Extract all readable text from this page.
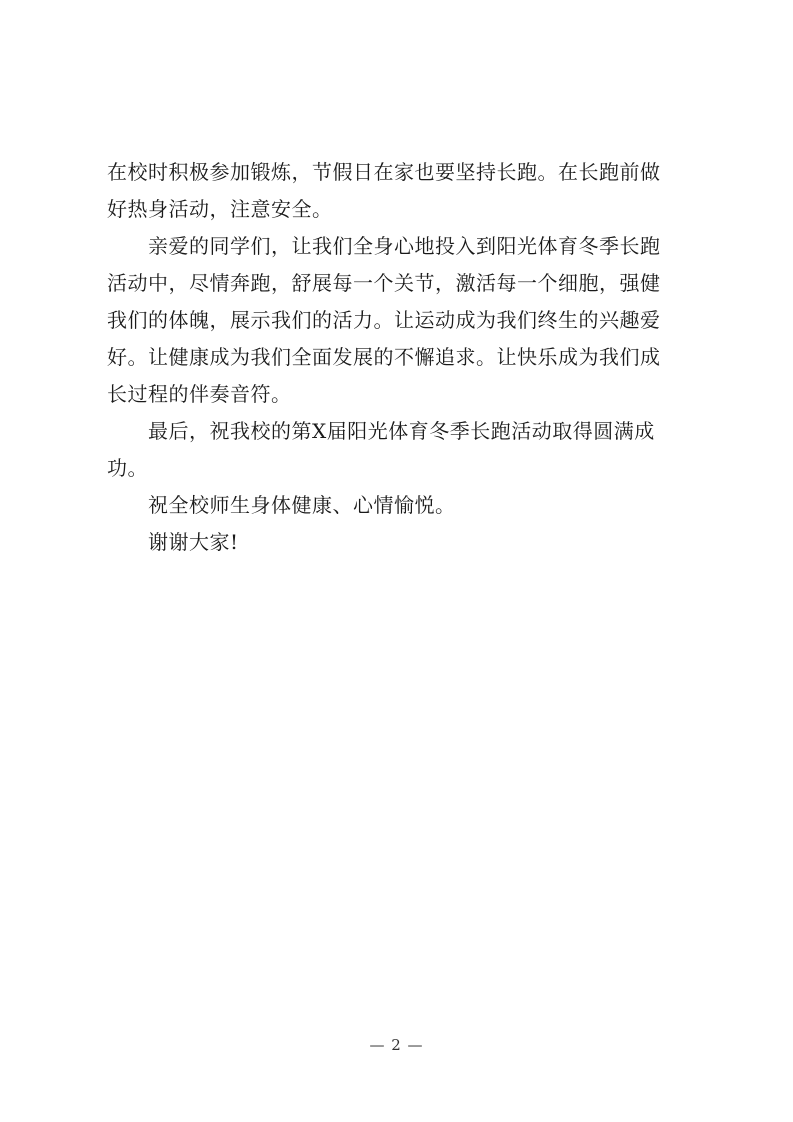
在校时积极参加锻炼，节假日在家也要坚持长跑。在长跑前做
好热身活动，注意安全。

亲爱的同学们，让我们全身心地投入到阳光体育冬季长跑
活动中，尽情奔跑，舒展每一个关节，激活每一个细胞，强健
我们的体魄，展示我们的活力。让运动成为我们终生的兴趣爱
好。让健康成为我们全面发展的不懈追求。让快乐成为我们成
长过程的伴奏音符。

最后，祝我校的第X届阳光体育冬季长跑活动取得圆满成
功。

祝全校师生身体健康、心情愉悦。

谢谢大家!

— 2 —
